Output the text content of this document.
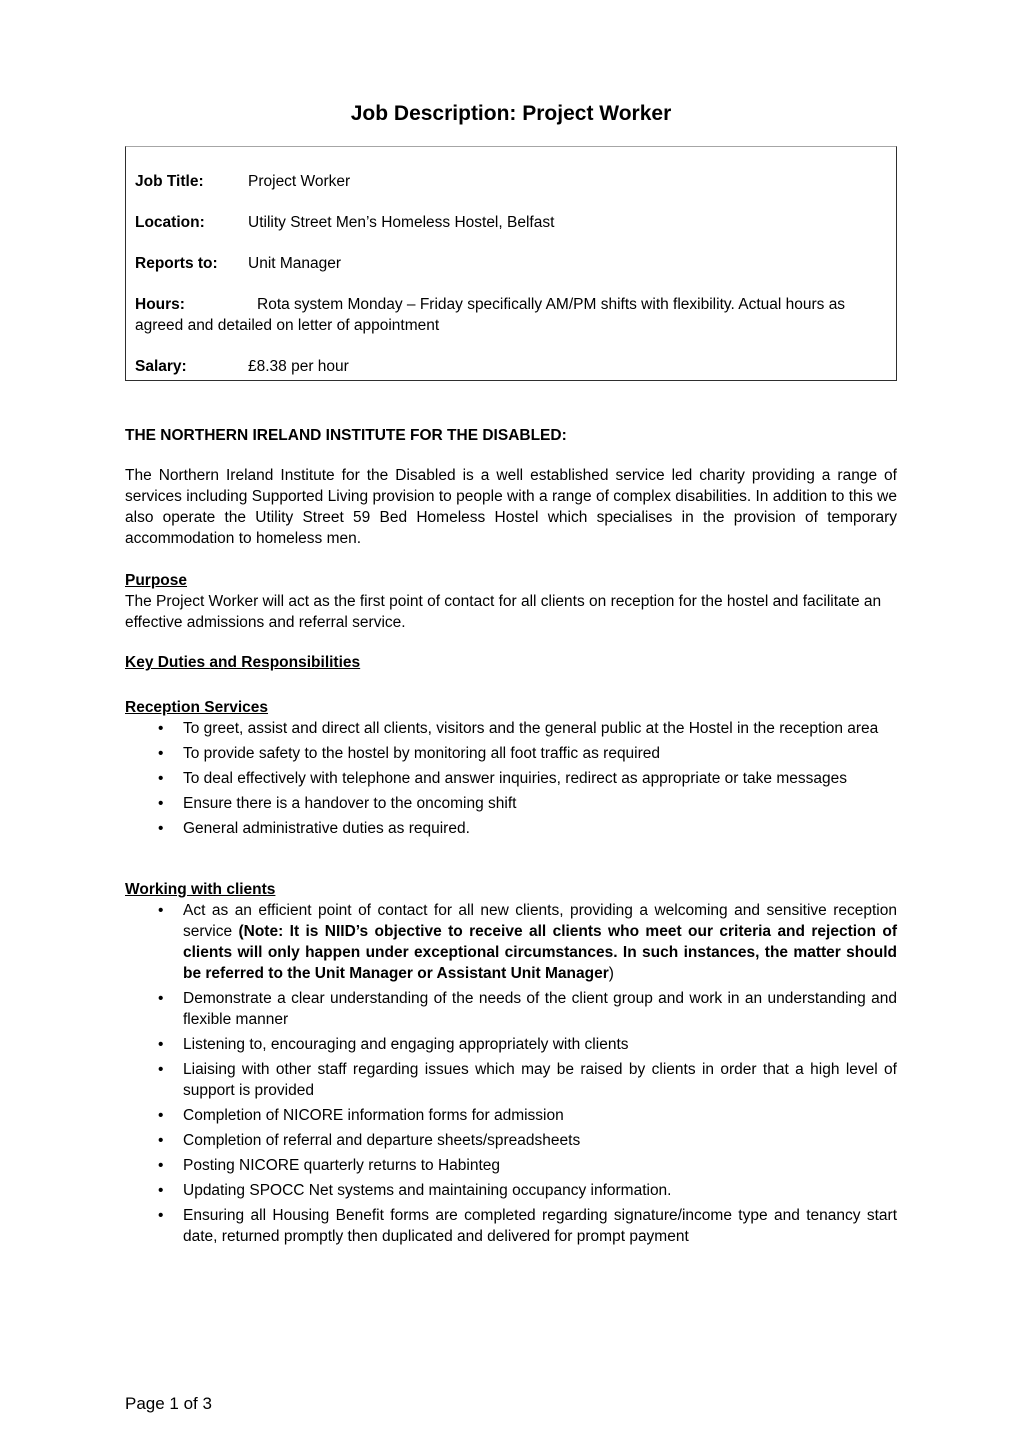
Job Description: Project Worker

Job Title:	Project Worker

Location:	Utility Street Men’s Homeless Hostel, Belfast

Reports to: Unit Manager

Hours:	Rota system Monday – Friday specifically AM/PM shifts with flexibility. Actual hours as agreed and detailed on letter of appointment

Salary:	£8.38 per hour

THE NORTHERN IRELAND INSTITUTE FOR THE DISABLED:

The Northern Ireland Institute for the Disabled is a well established service led charity providing a range of services including Supported Living provision to people with a range of complex disabilities. In addition to this we also operate the Utility Street 59 Bed Homeless Hostel which specialises in the provision of temporary accommodation to homeless men.

Purpose

The Project Worker will act as the first point of contact for all clients on reception for the hostel and facilitate an effective admissions and referral service.

Key Duties and Responsibilities

Reception Services

• To greet, assist and direct all clients, visitors and the general public at the Hostel in the reception area
• To provide safety to the hostel by monitoring all foot traffic as required
• To deal effectively with telephone and answer inquiries, redirect as appropriate or take messages
• Ensure there is a handover to the oncoming shift
• General administrative duties as required.

Working with clients

• Act as an efficient point of contact for all new clients, providing a welcoming and sensitive reception service (Note: It is NIID’s objective to receive all clients who meet our criteria and rejection of clients will only happen under exceptional circumstances. In such instances, the matter should be referred to the Unit Manager or Assistant Unit Manager)
• Demonstrate a clear understanding of the needs of the client group and work in an understanding and flexible manner
• Listening to, encouraging and engaging appropriately with clients
• Liaising with other staff regarding issues which may be raised by clients in order that a high level of support is provided
• Completion of NICORE information forms for admission
• Completion of referral and departure sheets/spreadsheets
• Posting NICORE quarterly returns to Habinteg
• Updating SPOCC Net systems and maintaining occupancy information.
• Ensuring all Housing Benefit forms are completed regarding signature/income type and tenancy start date, returned promptly then duplicated and delivered for prompt payment
Page 1 of 3
